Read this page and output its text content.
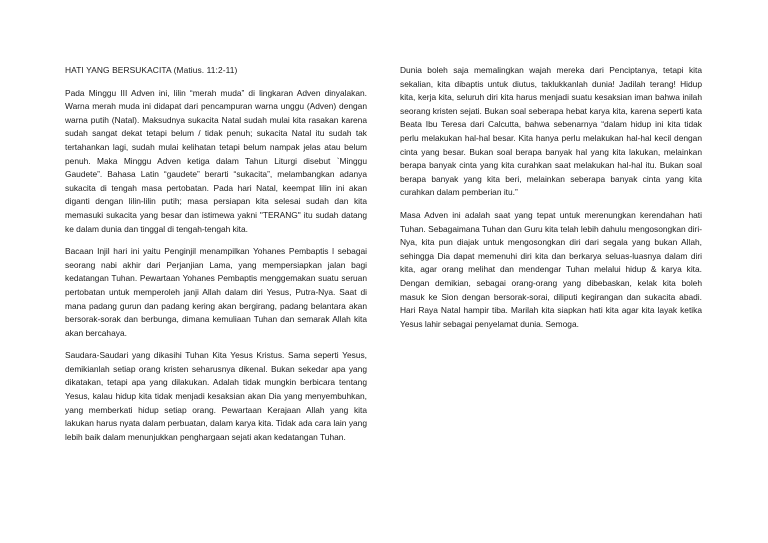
HATI YANG BERSUKACITA (Matius. 11:2-11)

Pada Minggu III Adven ini, lilin “merah muda” di lingkaran Adven dinyalakan. Warna merah muda ini didapat dari pencampuran warna unggu (Adven) dengan warna putih (Natal). Maksudnya sukacita Natal sudah mulai kita rasakan karena sudah sangat dekat tetapi belum / tidak penuh; sukacita Natal itu sudah tak tertahankan lagi, sudah mulai kelihatan tetapi belum nampak jelas atau belum penuh. Maka Minggu Adven ketiga dalam Tahun Liturgi disebut `Minggu Gaudete”. Bahasa Latin “gaudete” berarti “sukacita”, melambangkan adanya sukacita di tengah masa pertobatan. Pada hari Natal, keempat lilin ini akan diganti dengan lilin-lilin putih; masa persiapan kita selesai sudah dan kita memasuki sukacita yang besar dan istimewa yakni "TERANG" itu sudah datang ke dalam dunia dan tinggal di tengah-tengah kita.

Bacaan Injil hari ini yaitu Penginjil menampilkan Yohanes Pembaptis l sebagai seorang nabi akhir dari Perjanjian Lama, yang mempersiapkan jalan bagi kedatangan Tuhan. Pewartaan Yohanes Pembaptis menggemakan suatu seruan pertobatan untuk memperoleh janji Allah dalam diri Yesus, Putra-Nya. Saat di mana padang gurun dan padang kering akan bergirang, padang belantara akan bersorak-sorak dan berbunga, dimana kemuliaan Tuhan dan semarak Allah kita akan bercahaya.

Saudara-Saudari yang dikasihi Tuhan Kita Yesus Kristus. Sama seperti Yesus, demikianlah setiap orang kristen seharusnya dikenal. Bukan sekedar apa yang dikatakan, tetapi apa yang dilakukan. Adalah tidak mungkin berbicara tentang Yesus, kalau hidup kita tidak menjadi kesaksian akan Dia yang menyembuhkan, yang memberkati hidup setiap orang. Pewartaan Kerajaan Allah yang kita lakukan harus nyata dalam perbuatan, dalam karya kita. Tidak ada cara lain yang lebih baik dalam menunjukkan penghargaan sejati akan kedatangan Tuhan.

Dunia boleh saja memalingkan wajah mereka dari Penciptanya, tetapi kita sekalian, kita dibaptis untuk diutus, taklukkanlah dunia! Jadilah terang! Hidup kita, kerja kita, seluruh diri kita harus menjadi suatu kesaksian iman bahwa inilah seorang kristen sejati. Bukan soal seberapa hebat karya kita, karena seperti kata Beata Ibu Teresa dari Calcutta, bahwa sebenarnya “dalam hidup ini kita tidak perlu melakukan hal-hal besar. Kita hanya perlu melakukan hal-hal kecil dengan cinta yang besar. Bukan soal berapa banyak hal yang kita lakukan, melainkan berapa banyak cinta yang kita curahkan saat melakukan hal-hal itu. Bukan soal berapa banyak yang kita beri, melainkan seberapa banyak cinta yang kita curahkan dalam pemberian itu.”

Masa Adven ini adalah saat yang tepat untuk merenungkan kerendahan hati Tuhan. Sebagaimana Tuhan dan Guru kita telah lebih dahulu mengosongkan diri-Nya, kita pun diajak untuk mengosongkan diri dari segala yang bukan Allah, sehingga Dia dapat memenuhi diri kita dan berkarya seluas-luasnya dalam diri kita, agar orang melihat dan mendengar Tuhan melalui hidup & karya kita. Dengan demikian, sebagai orang-orang yang dibebaskan, kelak kita boleh masuk ke Sion dengan bersorak-sorai, diliputi kegirangan dan sukacita abadi. Hari Raya Natal hampir tiba. Marilah kita siapkan hati kita agar kita layak ketika Yesus lahir sebagai penyelamat dunia. Semoga.
